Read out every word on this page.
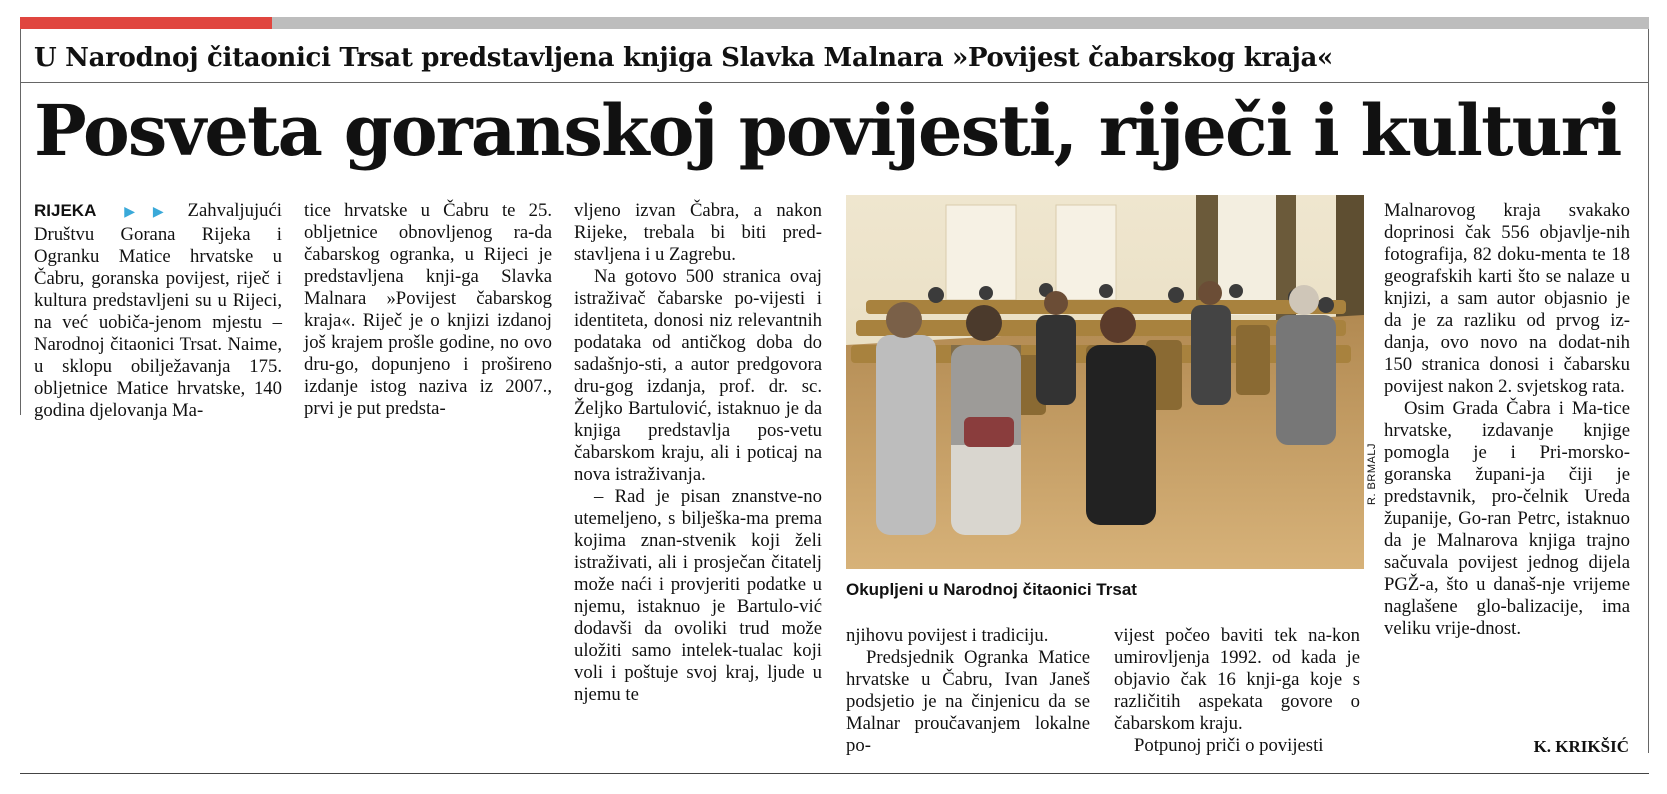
U Narodnoj čitaonici Trsat predstavljena knjiga Slavka Malnara »Povijest čabarskog kraja«
Posveta goranskoj povijesti, riječi i kulturi

RIJEKA ▶▶ Zahvaljujući Društvu Gorana Rijeka i Ogranku Matice hrvatske u Čabru, goranska povijest, riječ i kultura predstavljeni su u Rijeci, na već uobiča-jenom mjestu – Narodnoj čitaonici Trsat. Naime, u sklopu obilježavanja 175. obljetnice Matice hrvatske, 140 godina djelovanja Ma-

tice hrvatske u Čabru te 25. obljetnice obnovljenog ra-da čabarskog ogranka, u Rijeci je predstavljena knji-ga Slavka Malnara »Povijest čabarskog kraja«. Riječ je o knjizi izdanoj još krajem prošle godine, no ovo dru-go, dopunjeno i prošireno izdanje istog naziva iz 2007., prvi je put predsta-

vljeno izvan Čabra, a nakon Rijeke, trebala bi biti pred-stavljena i u Zagrebu.

Na gotovo 500 stranica ovaj istraživač čabarske po-vijesti i identiteta, donosi niz relevantnih podataka od antičkog doba do sadašnjo-sti, a autor predgovora dru-gog izdanja, prof. dr. sc. Željko Bartulović, istaknuo je da knjiga predstavlja pos-vetu čabarskom kraju, ali i poticaj na nova istraživanja.

– Rad je pisan znanstve-no utemeljeno, s bilješka-ma prema kojima znan-stvenik koji želi istraživati, ali i prosječan čitatelj može naći i provjeriti podatke u njemu, istaknuo je Bartulo-vić dodavši da ovoliki trud može uložiti samo intelek-tualac koji voli i poštuje svoj kraj, ljude u njemu te

R. BRMALJ
Okupljeni u Narodnoj čitaonici Trsat

njihovu povijest i tradiciju.

Predsjednik Ogranka Matice hrvatske u Čabru, Ivan Janeš podsjetio je na činjenicu da se Malnar proučavanjem lokalne po-

vijest počeo baviti tek na-kon umirovljenja 1992. od kada je objavio čak 16 knji-ga koje s različitih aspekata govore o čabarskom kraju.

Potpunoj priči o povijesti

Malnarovog kraja svakako doprinosi čak 556 objavlje-nih fotografija, 82 doku-menta te 18 geografskih karti što se nalaze u knjizi, a sam autor objasnio je da je za razliku od prvog iz-danja, ovo novo na dodat-nih 150 stranica donosi i čabarsku povijest nakon 2. svjetskog rata.

Osim Grada Čabra i Ma-tice hrvatske, izdavanje knjige pomogla je i Pri-morsko-goranska župani-ja čiji je predstavnik, pro-čelnik Ureda županije, Go-ran Petrc, istaknuo da je Malnarova knjiga trajno sačuvala povijest jednog dijela PGŽ-a, što u današ-nje vrijeme naglašene glo-balizacije, ima veliku vrije-dnost.

K. KRIKŠIĆ
